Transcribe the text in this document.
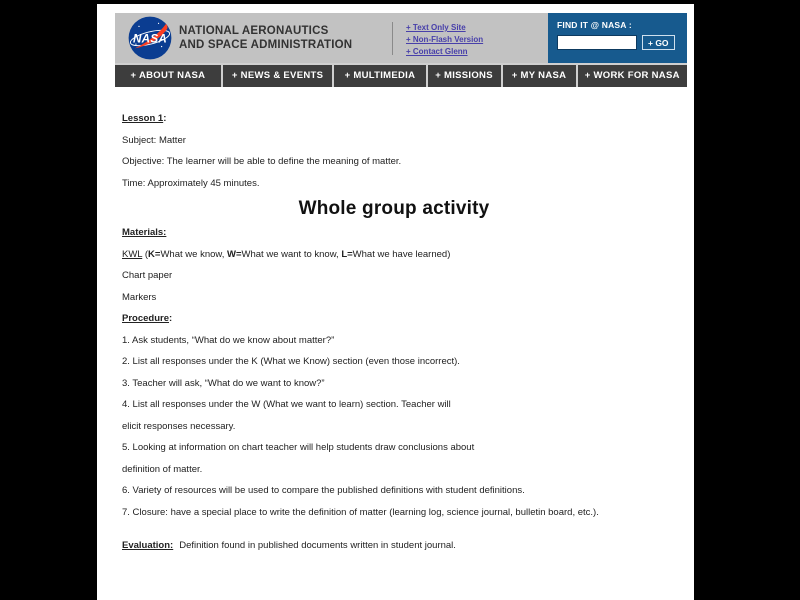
NASA
NATIONAL AERONAUTICS
AND SPACE ADMINISTRATION
+ Text Only Site
+ Non-Flash Version
+ Contact Glenn
FIND IT @ NASA :
+ GO
+ ABOUT NASA	+ NEWS & EVENTS	+ MULTIMEDIA	+ MISSIONS	+ MY NASA	+ WORK FOR NASA

Lesson 1:

Subject: Matter

Objective: The learner will be able to define the meaning of matter.

Time: Approximately 45 minutes.

Whole group activity

Materials:

KWL (K=What we know, W=What we want to know, L=What we have learned)

Chart paper

Markers

Procedure:

1. Ask students, “What do we know about matter?”

2. List all responses under the K (What we Know) section (even those incorrect).

3. Teacher will ask, “What do we want to know?”

4. List all responses under the W (What we want to learn) section. Teacher will

elicit responses necessary.

5. Looking at information on chart teacher will help students draw conclusions about

definition of matter.

6. Variety of resources will be used to compare the published definitions with student definitions.

7. Closure: have a special place to write the definition of matter (learning log, science journal, bulletin board, etc.).

Evaluation: Definition found in published documents written in student journal.
